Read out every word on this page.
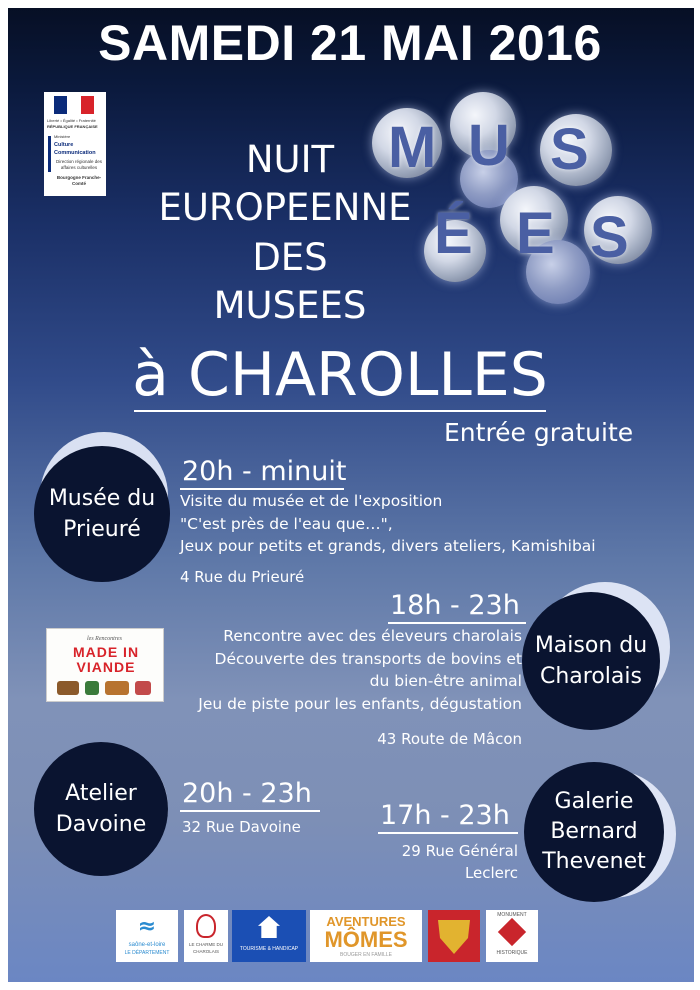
SAMEDI 21 MAI 2016
Liberté • Égalité • Fraternité
RÉPUBLIQUE FRANÇAISE
Ministère
Culture
Communication
Direction régionale des affaires culturelles
Bourgogne Franche-Comté
NUIT
EUROPEENNE
DES
MUSEES
M U S
É E S
à CHAROLLES
Entrée gratuite
Musée du
Prieuré
20h - minuit
Visite du musée et de l'exposition
"C'est près de l'eau que…",
Jeux pour petits et grands, divers ateliers, Kamishibai
4 Rue du Prieuré
Maison du
Charolais
18h - 23h
Rencontre avec des éleveurs charolais
Découverte des transports de bovins et
du bien-être animal
Jeu de piste pour les enfants, dégustation
43 Route de Mâcon
les Rencontres
MADE IN
VIANDE
Atelier
Davoine
20h - 23h
32 Rue Davoine
Galerie
Bernard
Thevenet
17h - 23h
29 Rue Général
Leclerc
≈
saône-et-loire
LE DÉPARTEMENT
LE CHARME DU
CHAROLAIS	TOURISME & HANDICAP
AVENTURES
MÔMES
BOUGER EN FAMILLE
MONUMENT
HISTORIQUE
